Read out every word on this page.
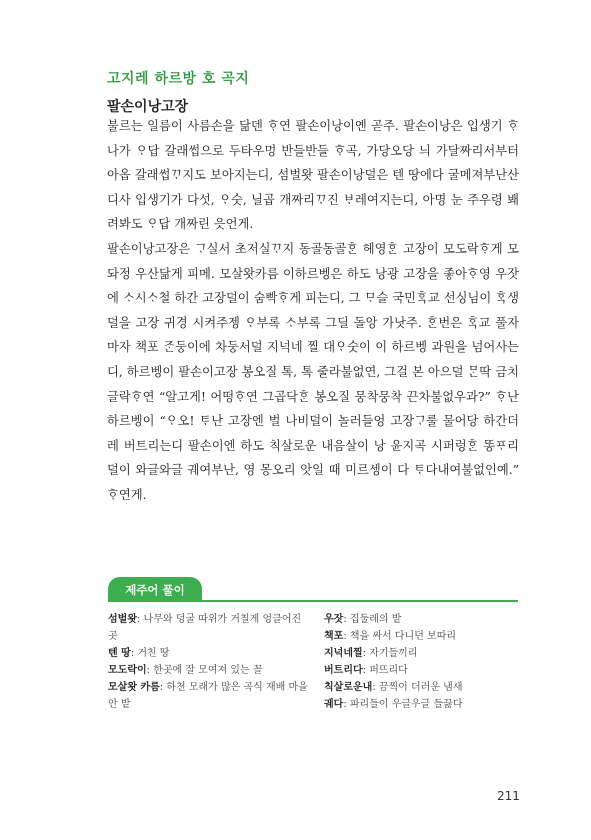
고지레 하르방 호 곡지
팔손이낭고장

불르는 일름이 사름손을 닮덴 ᄒᆞ연 팔손이낭이옌 곧주. 팔손이낭은 입생기 ᄒᆞ나가 ᄋᆞ답 갈래썹으로 두타우멍 반들반들 ᄒᆞ곡, 가당오당 늬 가달짜리서부터 아옵 갈래썹ᄁᆞ지도 보아지는디, 섬벌왓 팔손이낭덜은 텐 땅에다 굴메져부난산디사 입생기가 다섯, ᄋᆞ숫, 닐곱 개짜리ᄁᆞ진 ᄇᆞ레여지는디, 아명 눈 주우령 봬려봐도 ᄋᆞ답 개짜린 읏언게.

팔손이낭고장은 ᄀᆞ실서 초저실ᄁᆞ지 동골동골ᄒᆞᆫ 헤영ᄒᆞᆫ 고장이 모도락ᄒᆞ게 모돠정 우산닮게 피메. 모살왓카름 이하르벵은 하도 낭광 고장을 좋아ᄒᆞ영 우잣에 ᄉᆞ시ᄉᆞ철 하간 고장덜이 숨빡ᄒᆞ게 피는디, 그 ᄆᆞ슬 국민ᄒᆞᆨ교 선싱님이 ᄒᆞᆨ생덜을 고장 귀경 시켜주젱 ᄋᆞ부록 ᄉᆞ부록 그딜 돌앙 가낫주. ᄒᆞᆫ번은 ᄒᆞᆨ교 풀자마자 책포 ᄌᆞᆫ둥이에 차둥서덜 지넉네 찔 대ᄋᆞ숫이 이 하르벵 과원을 넘어사는디, 하르벵이 팔손이고장 봉오질 톡, 톡 줄라불없연, 그걸 본 아으덜 ᄆᆞᆫ딱 금치글락ᄒᆞ연 “알고게! 어떵ᄒᆞ연 그곱닥ᄒᆞᆫ 봉오질 뭉착뭉착 끈차불없우과?” ᄒᆞ난 하르벵이 “ᄋᆞ오! ᄐᆞ난 고장엔 벌 나비덜이 놀러들엉 고장ᄀᆞ룰 물어당 하간더레 버트리는디 팔손이엔 하도 칙살로운 내음살이 낭 윤지곡 시퍼렁ᄒᆞᆫ 똥ᄑᆞ리덜이 와글와글 궤여부난, 영 몽오리 앗일 때 미르셍이 다 ᄐᆞ다내여불없인예.” ᄒᆞ연게.

제주어 풀이
섬벌왓: 나무와 덩굴 따위가 거칠게 엉클어진 곳
텐 땅: 거친 땅
모도락이: 한곳에 잘 모여져 있는 꼴
모살왓 카름: 하천 모래가 많은 곡식 재배 마을 안 밭
우잣: 집둘레의 밭
책포: 책을 싸서 다니던 보따리
지넉네찔: 자기들끼리
버트리다: 퍼뜨리다
칙살로운내: 끔찍이 더러운 냄새
궤다: 파리들이 우글우글 들끓다
211
